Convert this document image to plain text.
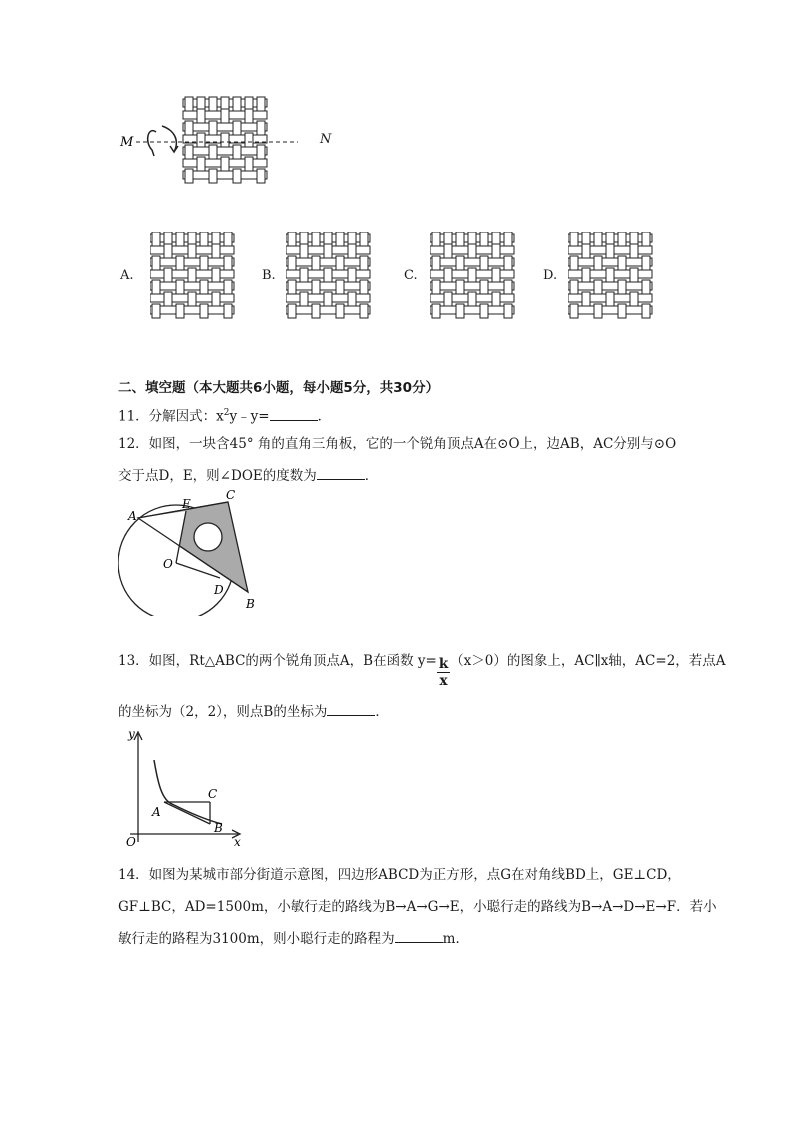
M	N
A.	B.	C.	D.
二、填空题（本大题共6小题，每小题5分，共30分）
11．分解因式：$x^2y﹣y=$	．
12．如图，一块含45° 角的直角三角板，它的一个锐角顶点A在⊙O上，边AB，AC分别与⊙O
交于点D，E，则∠DOE的度数为	．
A
E
C
O
D
B
13．如图，Rt△ABC的两个锐角顶点A，B在函数 $y= \frac{k}{x} (x>0)$的图象上，AC∥x轴，AC=2，若点A
的坐标为（2，2），则点B的坐标为	．
y
x
O
A
B
C
14．如图为某城市部分街道示意图，四边形ABCD为正方形，点G在对角线BD上，GE⊥CD，
GF⊥BC，AD=1500m，小敏行走的路线为B→A→G→E，小聪行走的路线为B→A→D→E→F．若小
敏行走的路程为3100m，则小聪行走的路程为	m．
